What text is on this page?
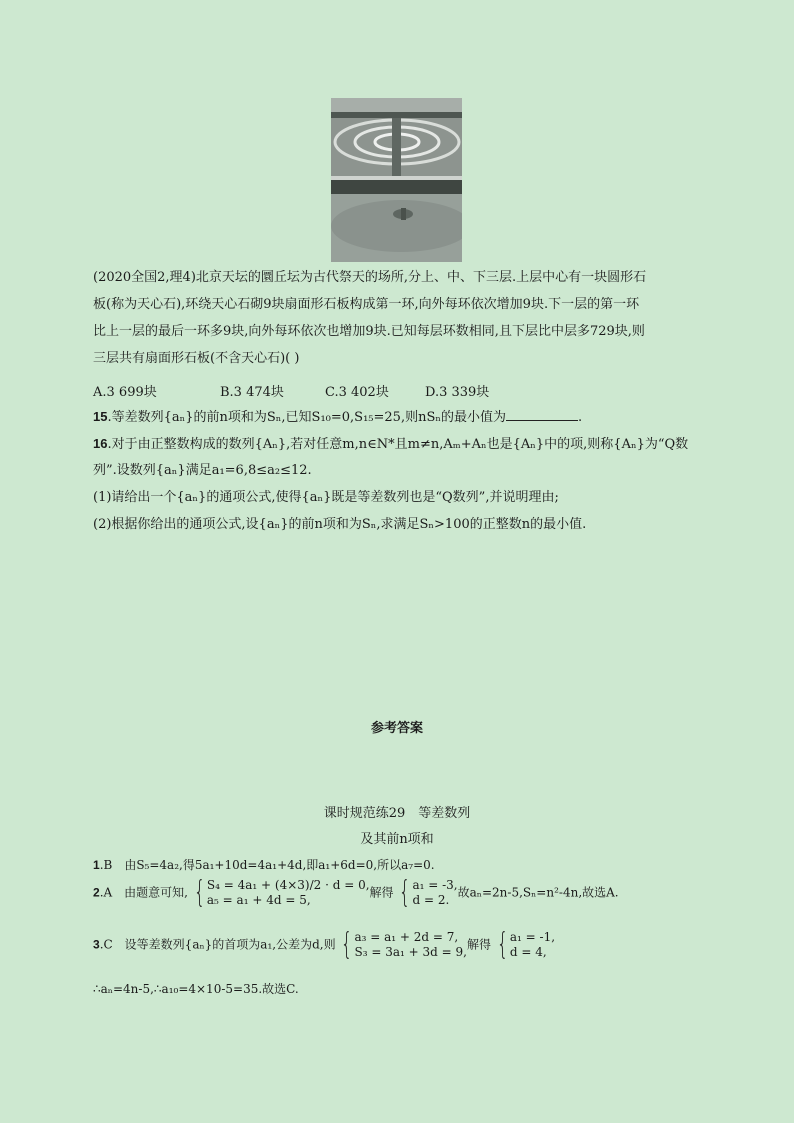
(2020全国2,理4)北京天坛的圜丘坛为古代祭天的场所,分上、中、下三层.上层中心有一块圆形石
板(称为天心石),环绕天心石砌9块扇面形石板构成第一环,向外每环依次增加9块.下一层的第一环
比上一层的最后一环多9块,向外每环依次也增加9块.已知每层环数相同,且下层比中层多729块,则
三层共有扇面形石板(不含天心石)( )
A.3 699块	B.3 474块	C.3 402块	D.3 339块
15.等差数列{aₙ}的前n项和为Sₙ,已知S₁₀=0,S₁₅=25,则nSₙ的最小值为	.
16.对于由正整数构成的数列{Aₙ},若对任意m,n∈N*且m≠n,Aₘ+Aₙ也是{Aₙ}中的项,则称{Aₙ}为“Q数
列”.设数列{aₙ}满足a₁=6,8≤a₂≤12.
(1)请给出一个{aₙ}的通项公式,使得{aₙ}既是等差数列也是“Q数列”,并说明理由;
(2)根据你给出的通项公式,设{aₙ}的前n项和为Sₙ,求满足Sₙ>100的正整数n的最小值.
参考答案
课时规范练29　等差数列
及其前n项和
1.B　由S₅=4a₂,得5a₁+10d=4a₁+4d,即a₁+6d=0,所以a₇=0.
2.A　由题意可知, { S₄ = 4a₁ + (4×3)/2 · d = 0,
a₅ = a₁ + 4d = 5,
解得 { a₁ = -3,
d = 2.
故aₙ=2n-5,Sₙ=n²-4n,故选A.
3.C　设等差数列{aₙ}的首项为a₁,公差为d,则 { a₃ = a₁ + 2d = 7,
S₃ = 3a₁ + 3d = 9,
解得 { a₁ = -1,
d = 4,
∴aₙ=4n-5,∴a₁₀=4×10-5=35.故选C.
